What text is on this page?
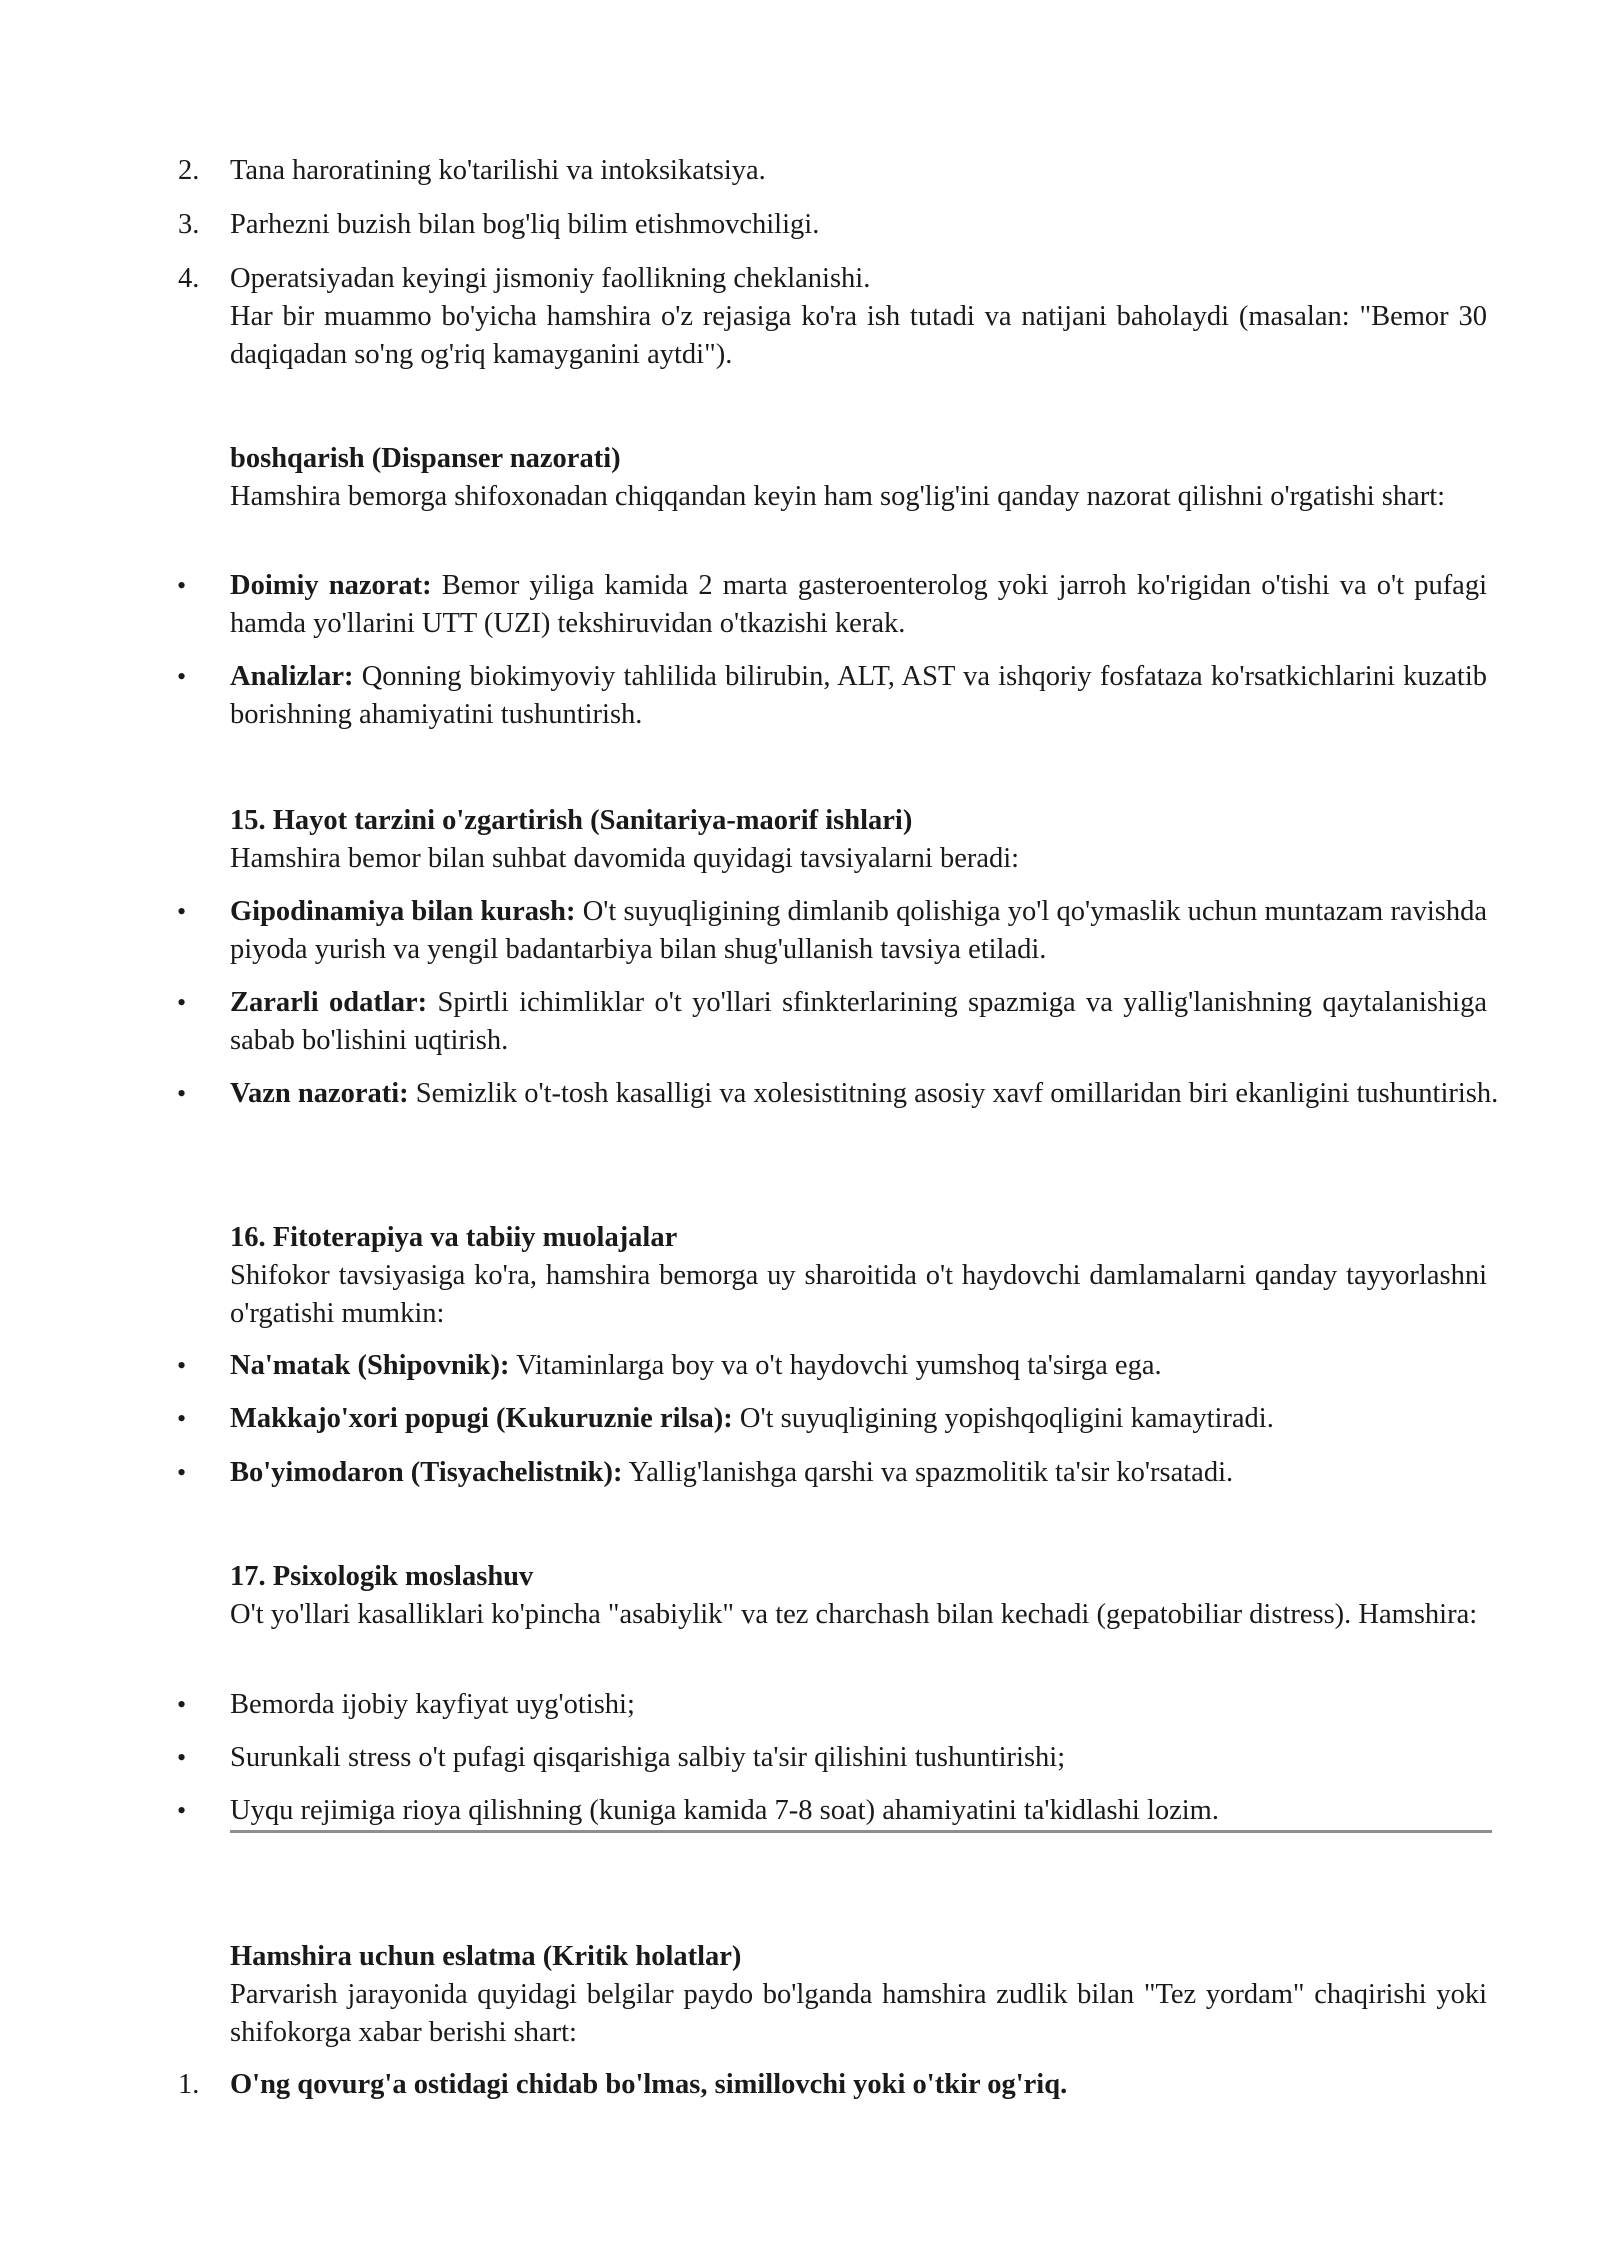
2.	Tana haroratining ko'tarilishi va intoksikatsiya.
3.	Parhezni buzish bilan bog'liq bilim etishmovchiligi.
4.	Operatsiyadan keyingi jismoniy faollikning cheklanishi.
Har bir muammo bo'yicha hamshira o'z rejasiga ko'ra ish tutadi va natijani baholaydi (masalan: "Bemor 30 daqiqadan so'ng og'riq kamayganini aytdi").
boshqarish (Dispanser nazorati)
Hamshira bemorga shifoxonadan chiqqandan keyin ham sog'lig'ini qanday nazorat qilishni o'rgatishi shart:
• Doimiy nazorat: Bemor yiliga kamida 2 marta gasteroenterolog yoki jarroh ko'rigidan o'tishi va o't pufagi hamda yo'llarini UTT (UZI) tekshiruvidan o'tkazishi kerak.
• Analizlar: Qonning biokimyoviy tahlilida bilirubin, ALT, AST va ishqoriy fosfataza ko'rsatkichlarini kuzatib borishning ahamiyatini tushuntirish.
15. Hayot tarzini o'zgartirish (Sanitariya-maorif ishlari)
Hamshira bemor bilan suhbat davomida quyidagi tavsiyalarni beradi:
• Gipodinamiya bilan kurash: O't suyuqligining dimlanib qolishiga yo'l qo'ymaslik uchun muntazam ravishda piyoda yurish va yengil badantarbiya bilan shug'ullanish tavsiya etiladi.
• Zararli odatlar: Spirtli ichimliklar o't yo'llari sfinkterlarining spazmiga va yallig'lanishning qaytalanishiga sabab bo'lishini uqtirish.
• Vazn nazorati: Semizlik o't-tosh kasalligi va xolesistitning asosiy xavf omillaridan biri ekanligini tushuntirish.
16. Fitoterapiya va tabiiy muolajalar
Shifokor tavsiyasiga ko'ra, hamshira bemorga uy sharoitida o't haydovchi damlamalarni qanday tayyorlashni o'rgatishi mumkin:
• Na'matak (Shipovnik): Vitaminlarga boy va o't haydovchi yumshoq ta'sirga ega.
• Makkajo'xori popugi (Kukuruznie rilsa): O't suyuqligining yopishqoqligini kamaytiradi.
• Bo'yimodaron (Tisyachelistnik): Yallig'lanishga qarshi va spazmolitik ta'sir ko'rsatadi.
17. Psixologik moslashuv
O't yo'llari kasalliklari ko'pincha "asabiylik" va tez charchash bilan kechadi (gepatobiliar distress). Hamshira:
• Bemorda ijobiy kayfiyat uyg'otishi;
• Surunkali stress o't pufagi qisqarishiga salbiy ta'sir qilishini tushuntirishi;
• Uyqu rejimiga rioya qilishning (kuniga kamida 7-8 soat) ahamiyatini ta'kidlashi lozim.
Hamshira uchun eslatma (Kritik holatlar)
Parvarish jarayonida quyidagi belgilar paydo bo'lganda hamshira zudlik bilan "Tez yordam" chaqirishi yoki shifokorga xabar berishi shart:
1.	O'ng qovurg'a ostidagi chidab bo'lmas, simillovchi yoki o'tkir og'riq.
